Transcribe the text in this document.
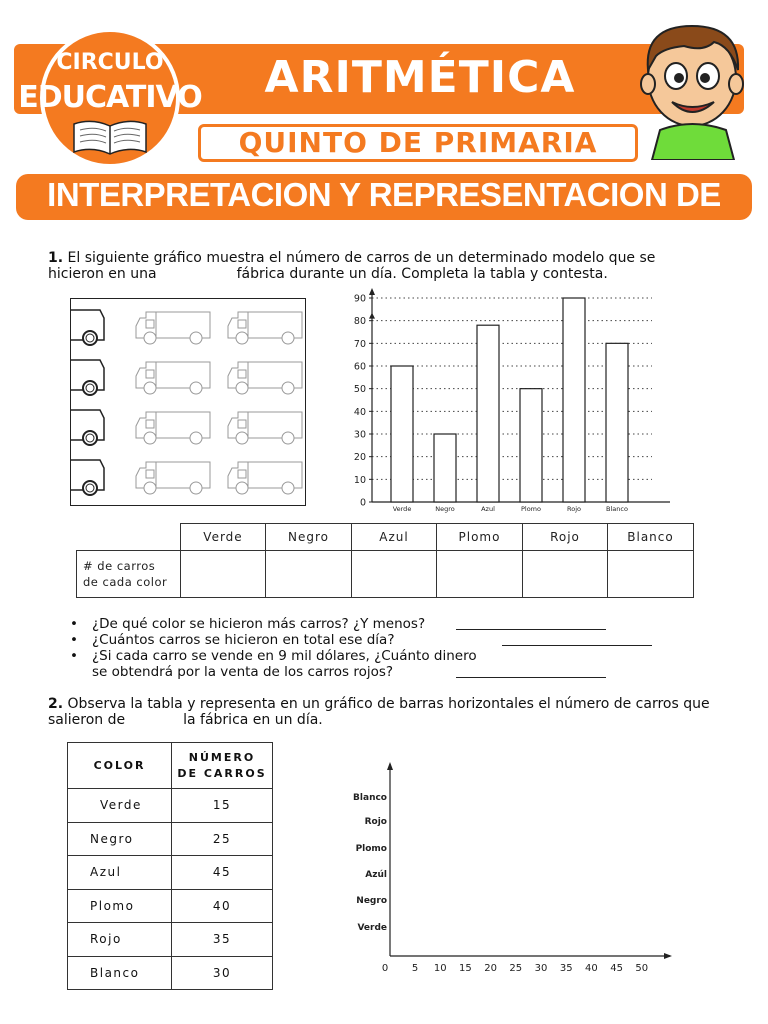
ARITMÉTICA
QUINTO DE PRIMARIA
CIRCULO
EDUCATIVO
INTERPRETACION Y REPRESENTACION DE DATOS
1. El siguiente gráfico muestra el número de carros de un determinado modelo que se
hicieron en una	fábrica durante un día. Completa la tabla y contesta.
0
10
20
30
40
50
60
70
80
90
Verde	Negro	Azul	Plomo	Rojo	Blanco
	Verde	Negro	Azul	Plomo	Rojo	Blanco

# de carros
de cada color						

• ¿De qué color se hicieron más carros? ¿Y menos?
• ¿Cuántos carros se hicieron en total ese día?
• ¿Si cada carro se vende en 9 mil dólares, ¿Cuánto dinero
se obtendrá por la venta de los carros rojos?
2. Observa la tabla y representa en un gráfico de barras horizontales el número de carros que
salieron de	la fábrica en un día.
COLOR	NÚMERO
DE CARROS

Verde	15
Negro	25
Azul	45
Plomo	40
Rojo	35
Blanco	30	0 5 10 15 20 25 30 35 40 45 50
Verde
Negro
Azúl
Plomo
Rojo
Blanco
